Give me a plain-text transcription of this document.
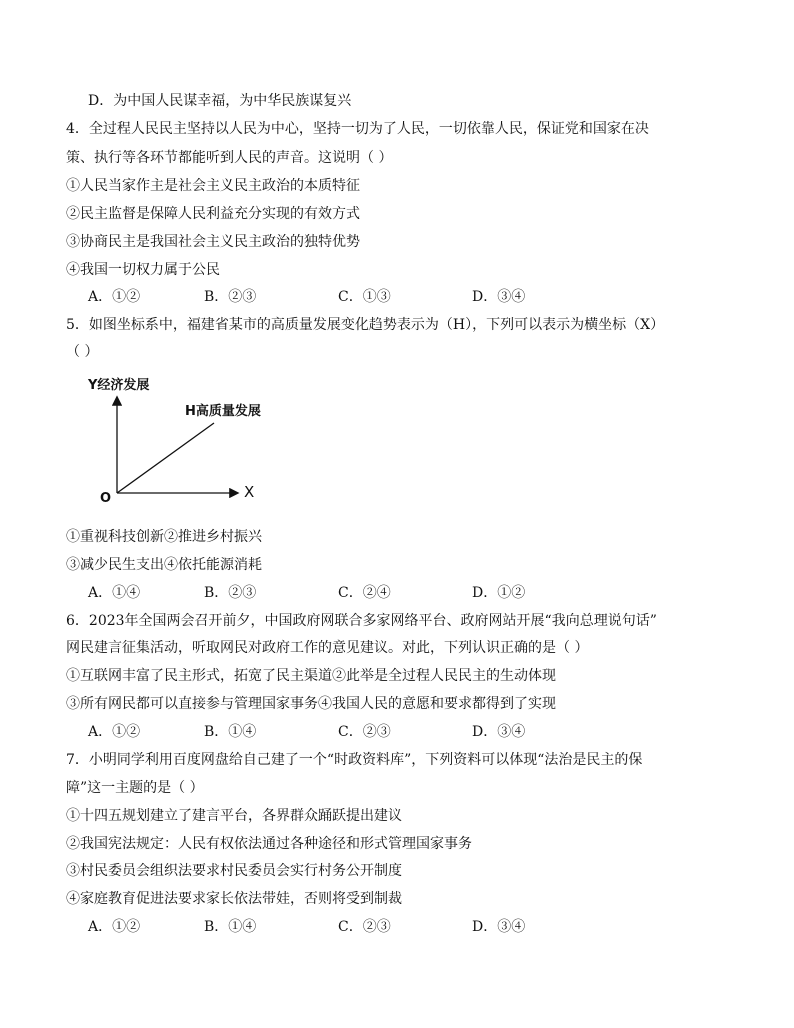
D．为中国人民谋幸福，为中华民族谋复兴
4．全过程人民民主坚持以人民为中心，坚持一切为了人民，一切依靠人民，保证党和国家在决
策、执行等各环节都能听到人民的声音。这说明（ ）
①人民当家作主是社会主义民主政治的本质特征
②民主监督是保障人民利益充分实现的有效方式
③协商民主是我国社会主义民主政治的独特优势
④我国一切权力属于公民
A．①②	B．②③	C．①③	D．③④
5．如图坐标系中，福建省某市的高质量发展变化趋势表示为（H），下列可以表示为横坐标（X）
（ ）
Y经济发展
H高质量发展
O	X
①重视科技创新②推进乡村振兴
③减少民生支出④依托能源消耗
A．①④	B．②③	C．②④	D．①②
6．2023年全国两会召开前夕，中国政府网联合多家网络平台、政府网站开展“我向总理说句话”
网民建言征集活动，听取网民对政府工作的意见建议。对此，下列认识正确的是（ ）
①互联网丰富了民主形式，拓宽了民主渠道②此举是全过程人民民主的生动体现
③所有网民都可以直接参与管理国家事务④我国人民的意愿和要求都得到了实现
A．①②	B．①④	C．②③	D．③④
7．小明同学利用百度网盘给自己建了一个“时政资料库”，下列资料可以体现“法治是民主的保
障”这一主题的是（ ）
①十四五规划建立了建言平台，各界群众踊跃提出建议
②我国宪法规定：人民有权依法通过各种途径和形式管理国家事务
③村民委员会组织法要求村民委员会实行村务公开制度
④家庭教育促进法要求家长依法带娃，否则将受到制裁
A．①②	B．①④	C．②③	D．③④
